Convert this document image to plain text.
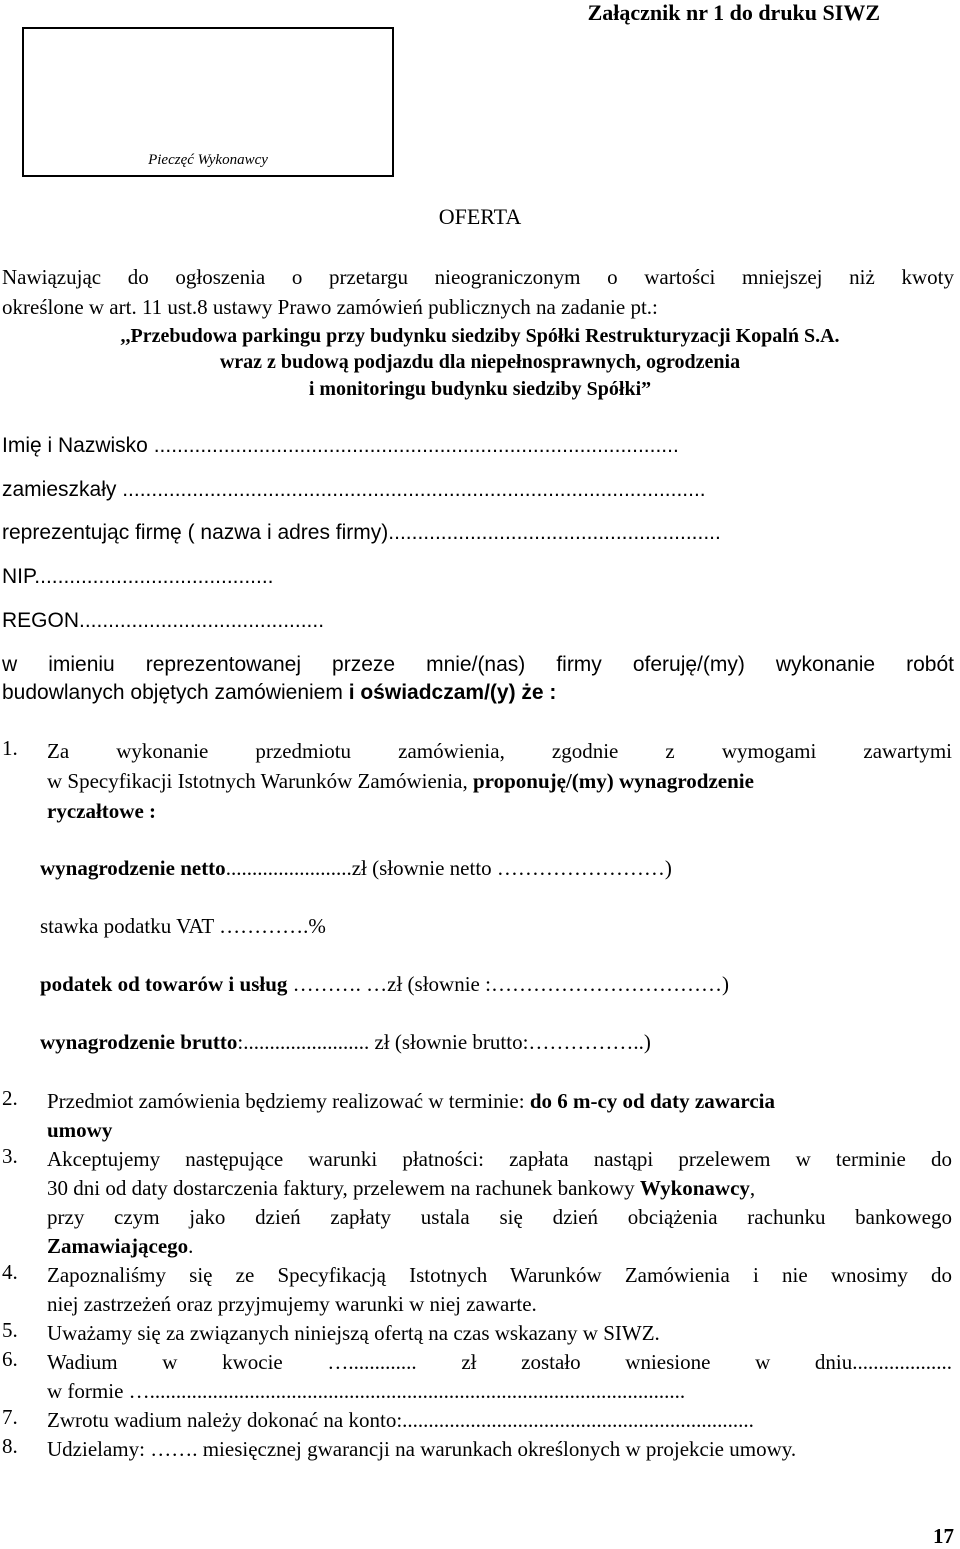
Załącznik nr 1 do druku SIWZ
Pieczęć Wykonawcy
OFERTA
Nawiązując do ogłoszenia o przetargu nieograniczonym o wartości mniejszej niż kwoty
określone w art. 11 ust.8 ustawy Prawo zamówień publicznych na zadanie pt.:
,,Przebudowa parkingu przy budynku siedziby Spółki Restrukturyzacji Kopalń S.A.
wraz z budową podjazdu dla niepełnosprawnych, ogrodzenia
i monitoringu budynku siedziby Spółki”
Imię i Nazwisko ..........................................................................................
zamieszkały ....................................................................................................
reprezentując firmę ( nazwa i adres firmy).........................................................
NIP.........................................
REGON..........................................
w imieniu reprezentowanej przeze mnie/(nas) firmy oferuję/(my) wykonanie robót
budowlanych objętych zamówieniem i oświadczam/(y) że :
1. Za wykonanie przedmiotu zamówienia, zgodnie z wymogami zawartymi
w Specyfikacji Istotnych Warunków Zamówienia, proponuję/(my) wynagrodzenie
ryczałtowe :
wynagrodzenie netto........................zł (słownie netto ……………………)
stawka podatku VAT ………….%
podatek od towarów i usług ………. …zł (słownie :……………………………)
wynagrodzenie brutto:........................ zł (słownie brutto:……………..)
2. Przedmiot zamówienia będziemy realizować w terminie: do 6 m-cy od daty zawarcia
umowy
3. Akceptujemy następujące warunki płatności: zapłata nastąpi przelewem w terminie do
30 dni od daty dostarczenia faktury, przelewem na rachunek bankowy Wykonawcy,
przy czym jako dzień zapłaty ustala się dzień obciążenia rachunku bankowego
Zamawiającego.
4. Zapoznaliśmy się ze Specyfikacją Istotnych Warunków Zamówienia i nie wnosimy do
niej zastrzeżeń oraz przyjmujemy warunki w niej zawarte.
5. Uważamy się za związanych niniejszą ofertą na czas wskazany w SIWZ.
6. Wadium w kwocie …............. zł zostało wniesione w dniu...................
w formie …......................................................................................................
7. Zwrotu wadium należy dokonać na konto:...................................................................
8. Udzielamy: ……. miesięcznej gwarancji na warunkach określonych w projekcie umowy.
17
